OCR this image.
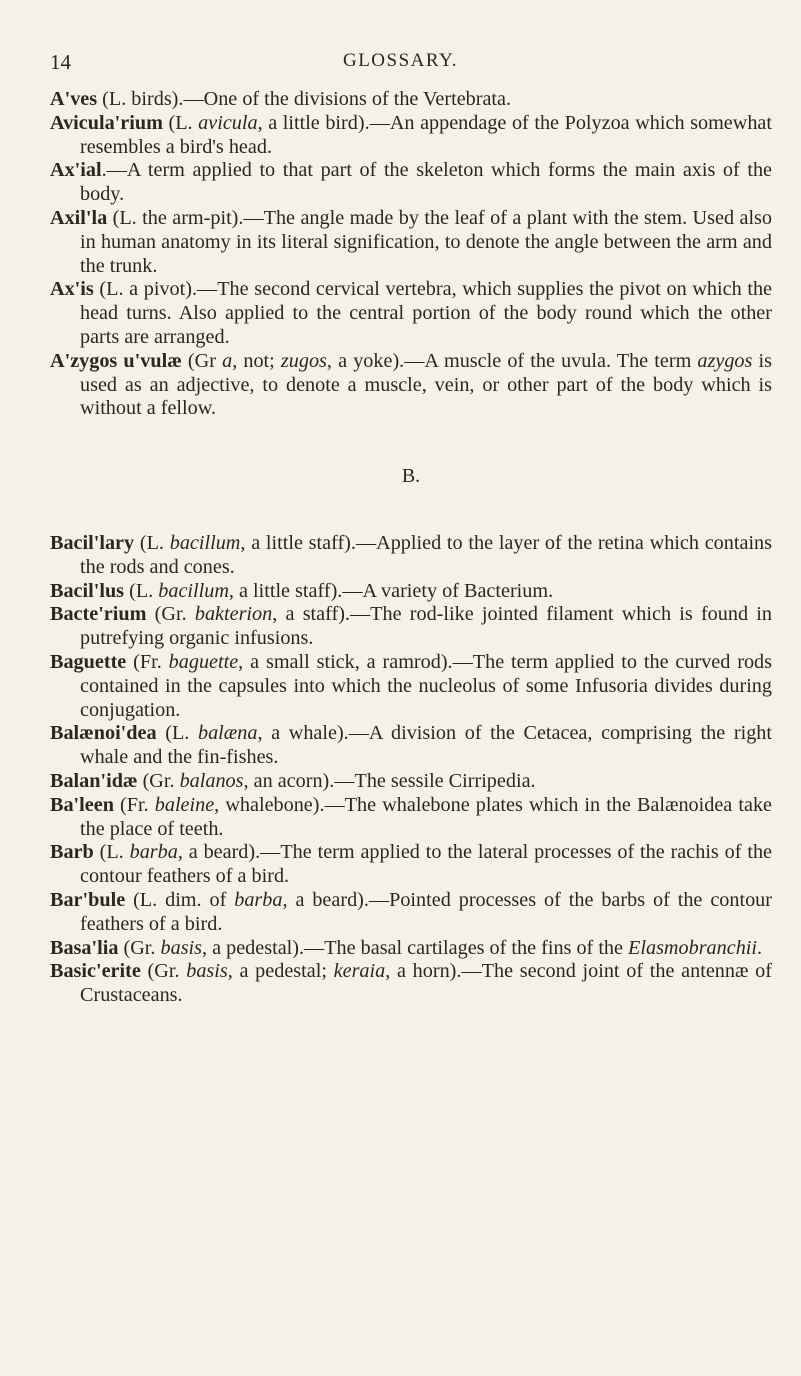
14	GLOSSARY.

A'ves (L. birds).—One of the divisions of the Vertebrata.

Avicula'rium (L. avicula, a little bird).—An appendage of the Polyzoa which somewhat resembles a bird's head.

Ax'ial.—A term applied to that part of the skeleton which forms the main axis of the body.

Axil'la (L. the arm-pit).—The angle made by the leaf of a plant with the stem. Used also in human anatomy in its literal signification, to denote the angle between the arm and the trunk.

Ax'is (L. a pivot).—The second cervical vertebra, which supplies the pivot on which the head turns. Also applied to the central portion of the body round which the other parts are arranged.

A'zygos u'vulæ (Gr a, not; zugos, a yoke).—A muscle of the uvula. The term azygos is used as an adjective, to denote a muscle, vein, or other part of the body which is without a fellow.

B.

Bacil'lary (L. bacillum, a little staff).—Applied to the layer of the retina which contains the rods and cones.

Bacil'lus (L. bacillum, a little staff).—A variety of Bacterium.

Bacte'rium (Gr. bakterion, a staff).—The rod-like jointed filament which is found in putrefying organic infusions.

Baguette (Fr. baguette, a small stick, a ramrod).—The term applied to the curved rods contained in the capsules into which the nucleolus of some Infusoria divides during conjugation.

Balænoi'dea (L. balæna, a whale).—A division of the Cetacea, comprising the right whale and the fin-fishes.

Balan'idæ (Gr. balanos, an acorn).—The sessile Cirripedia.

Ba'leen (Fr. baleine, whalebone).—The whalebone plates which in the Balænoidea take the place of teeth.

Barb (L. barba, a beard).—The term applied to the lateral processes of the rachis of the contour feathers of a bird.

Bar'bule (L. dim. of barba, a beard).—Pointed processes of the barbs of the contour feathers of a bird.

Basa'lia (Gr. basis, a pedestal).—The basal cartilages of the fins of the Elasmobranchii.

Basic'erite (Gr. basis, a pedestal; keraia, a horn).—The second joint of the antennæ of Crustaceans.
